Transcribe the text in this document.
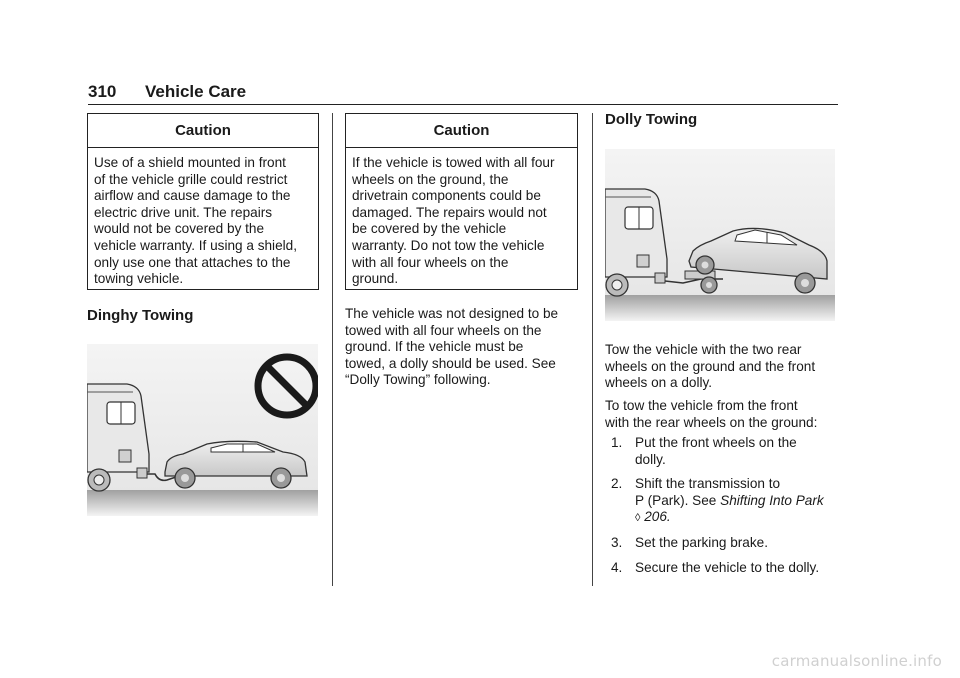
310 Vehicle Care
Caution
Use of a shield mounted in front
of the vehicle grille could restrict
airflow and cause damage to the
electric drive unit. The repairs
would not be covered by the
vehicle warranty. If using a shield,
only use one that attaches to the
towing vehicle.
Dinghy Towing
Caution
If the vehicle is towed with all four
wheels on the ground, the
drivetrain components could be
damaged. The repairs would not
be covered by the vehicle
warranty. Do not tow the vehicle
with all four wheels on the
ground.
The vehicle was not designed to be
towed with all four wheels on the
ground. If the vehicle must be
towed, a dolly should be used. See
“Dolly Towing” following.
Dolly Towing
Tow the vehicle with the two rear
wheels on the ground and the front
wheels on a dolly.
To tow the vehicle from the front
with the rear wheels on the ground:
1. Put the front wheels on the
dolly.
2. Shift the transmission to
P (Park). See Shifting Into Park
◊ 206.
3. Set the parking brake.
4. Secure the vehicle to the dolly.
carmanualsonline.info
